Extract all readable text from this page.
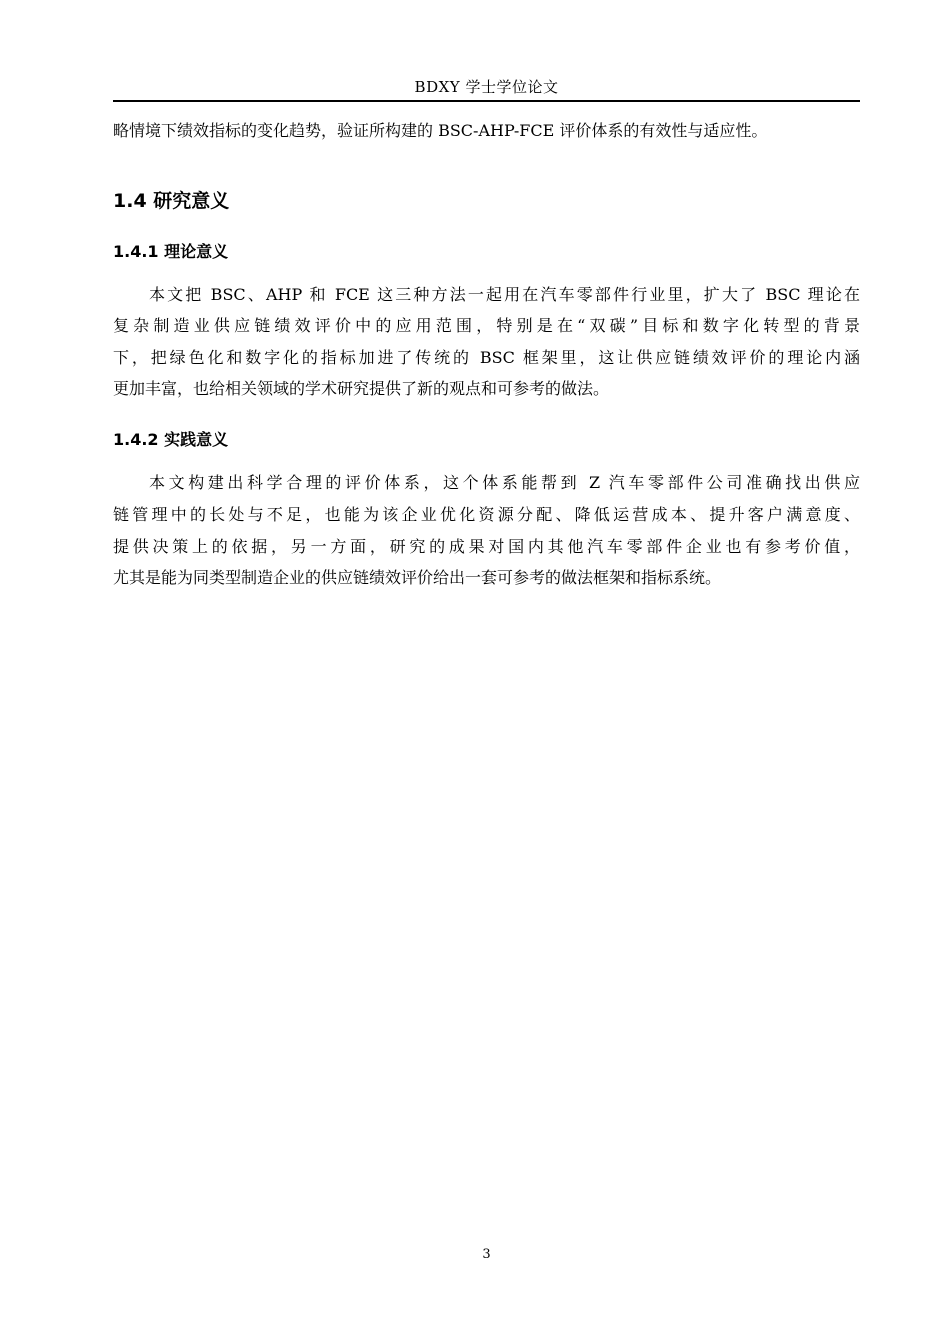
BDXY 学士学位论文
略情境下绩效指标的变化趋势，验证所构建的 BSC-AHP-FCE 评价体系的有效性与适应性。
1.4 研究意义
1.4.1 理论意义
本文把 BSC、AHP 和 FCE 这三种方法一起用在汽车零部件行业里，扩大了 BSC 理论在
复杂制造业供应链绩效评价中的应用范围，特别是在“双碳”目标和数字化转型的背景
下，把绿色化和数字化的指标加进了传统的 BSC 框架里，这让供应链绩效评价的理论内涵
更加丰富，也给相关领域的学术研究提供了新的观点和可参考的做法。
1.4.2 实践意义
本文构建出科学合理的评价体系，这个体系能帮到 Z 汽车零部件公司准确找出供应
链管理中的长处与不足，也能为该企业优化资源分配、降低运营成本、提升客户满意度、
提供决策上的依据，另一方面，研究的成果对国内其他汽车零部件企业也有参考价值，
尤其是能为同类型制造企业的供应链绩效评价给出一套可参考的做法框架和指标系统。
3
